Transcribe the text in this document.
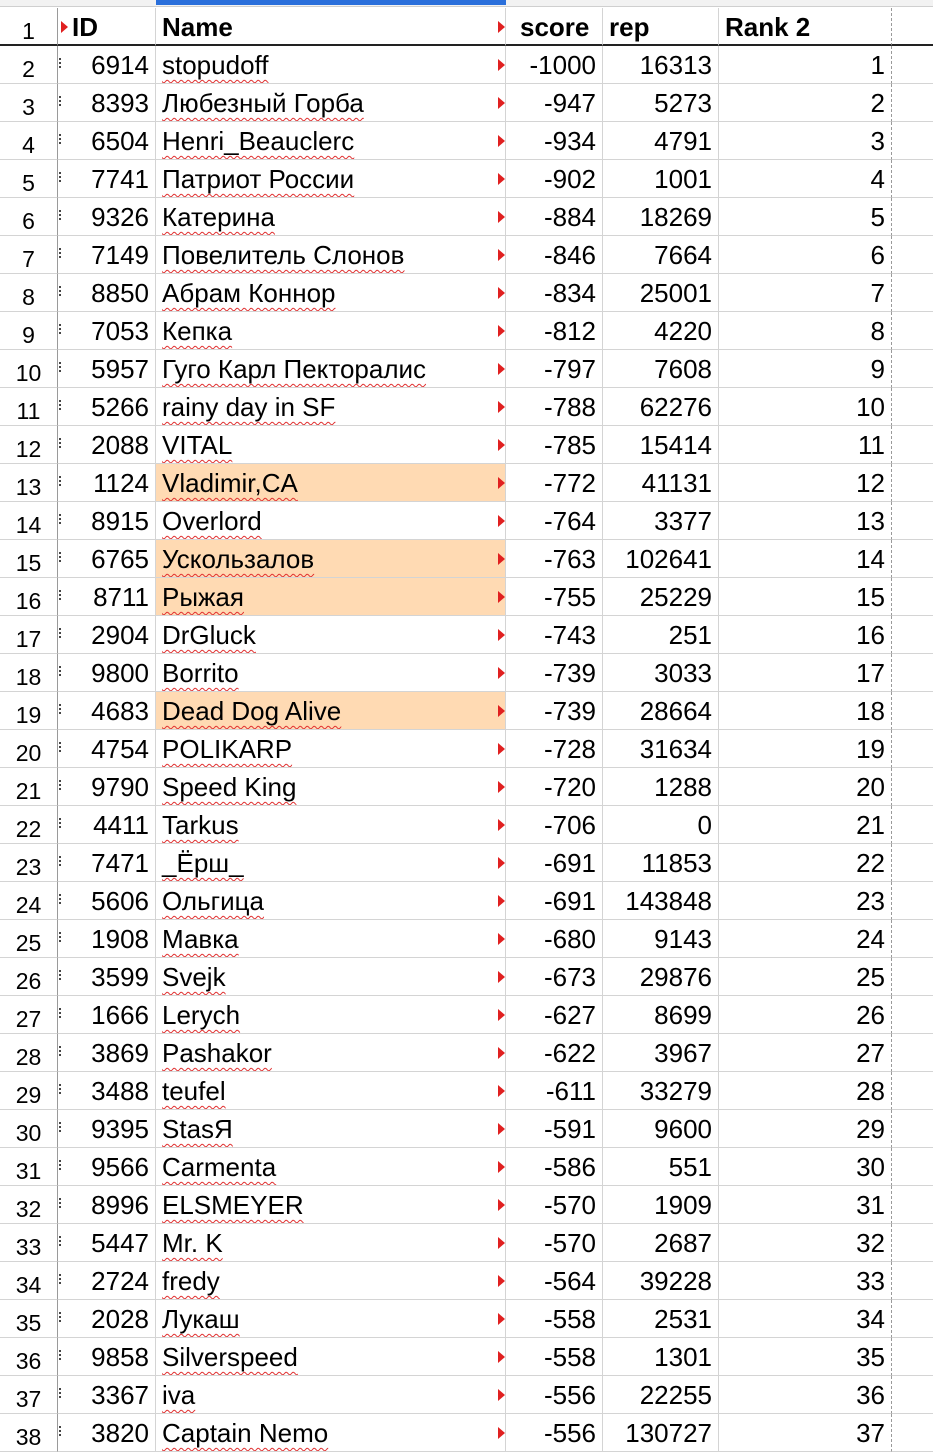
1	ID	Name	score rep	Rank 2
2	6914 stopudoff	-1000	16313	1
3	8393 Любезный Горба	-947	5273	2
4	6504 Henri_Beauclerc	-934	4791	3
5	7741 Патриот России	-902	1001	4
6	9326 Катерина	-884	18269	5
7	7149 Повелитель Слонов	-846	7664	6
8	8850 Абрам Коннор	-834	25001	7
9	7053 Кепка	-812	4220	8
10	5957 Гуго Карл Пекторалис	-797	7608	9
11	5266 rainy day in SF	-788	62276	10
12	2088 VITAL	-785	15414	11
13	1124 Vladimir,CA	-772	41131	12
14	8915 Overlord	-764	3377	13
15	6765 Ускользалов	-763	102641	14
16	8711 Рыжая	-755	25229	15
17	2904 DrGluck	-743	251	16
18	9800 Borrito	-739	3033	17
19	4683 Dead Dog Alive	-739	28664	18
20	4754 POLIKARP	-728	31634	19
21	9790 Speed King	-720	1288	20
22	4411 Tarkus	-706	0	21
23	7471 _Ёрш_	-691	11853	22
24	5606 Ольгица	-691	143848	23
25	1908 Мавка	-680	9143	24
26	3599 Svejk	-673	29876	25
27	1666 Lerych	-627	8699	26
28	3869 Pashakor	-622	3967	27
29	3488 teufel	-611	33279	28
30	9395 StasЯ	-591	9600	29
31	9566 Carmenta	-586	551	30
32	8996 ELSMEYER	-570	1909	31
33	5447 Mr. K	-570	2687	32
34	2724 fredy	-564	39228	33
35	2028 Лукаш	-558	2531	34
36	9858 Silverspeed	-558	1301	35
37	3367 iva	-556	22255	36
38	3820 Captain Nemo	-556	130727	37
